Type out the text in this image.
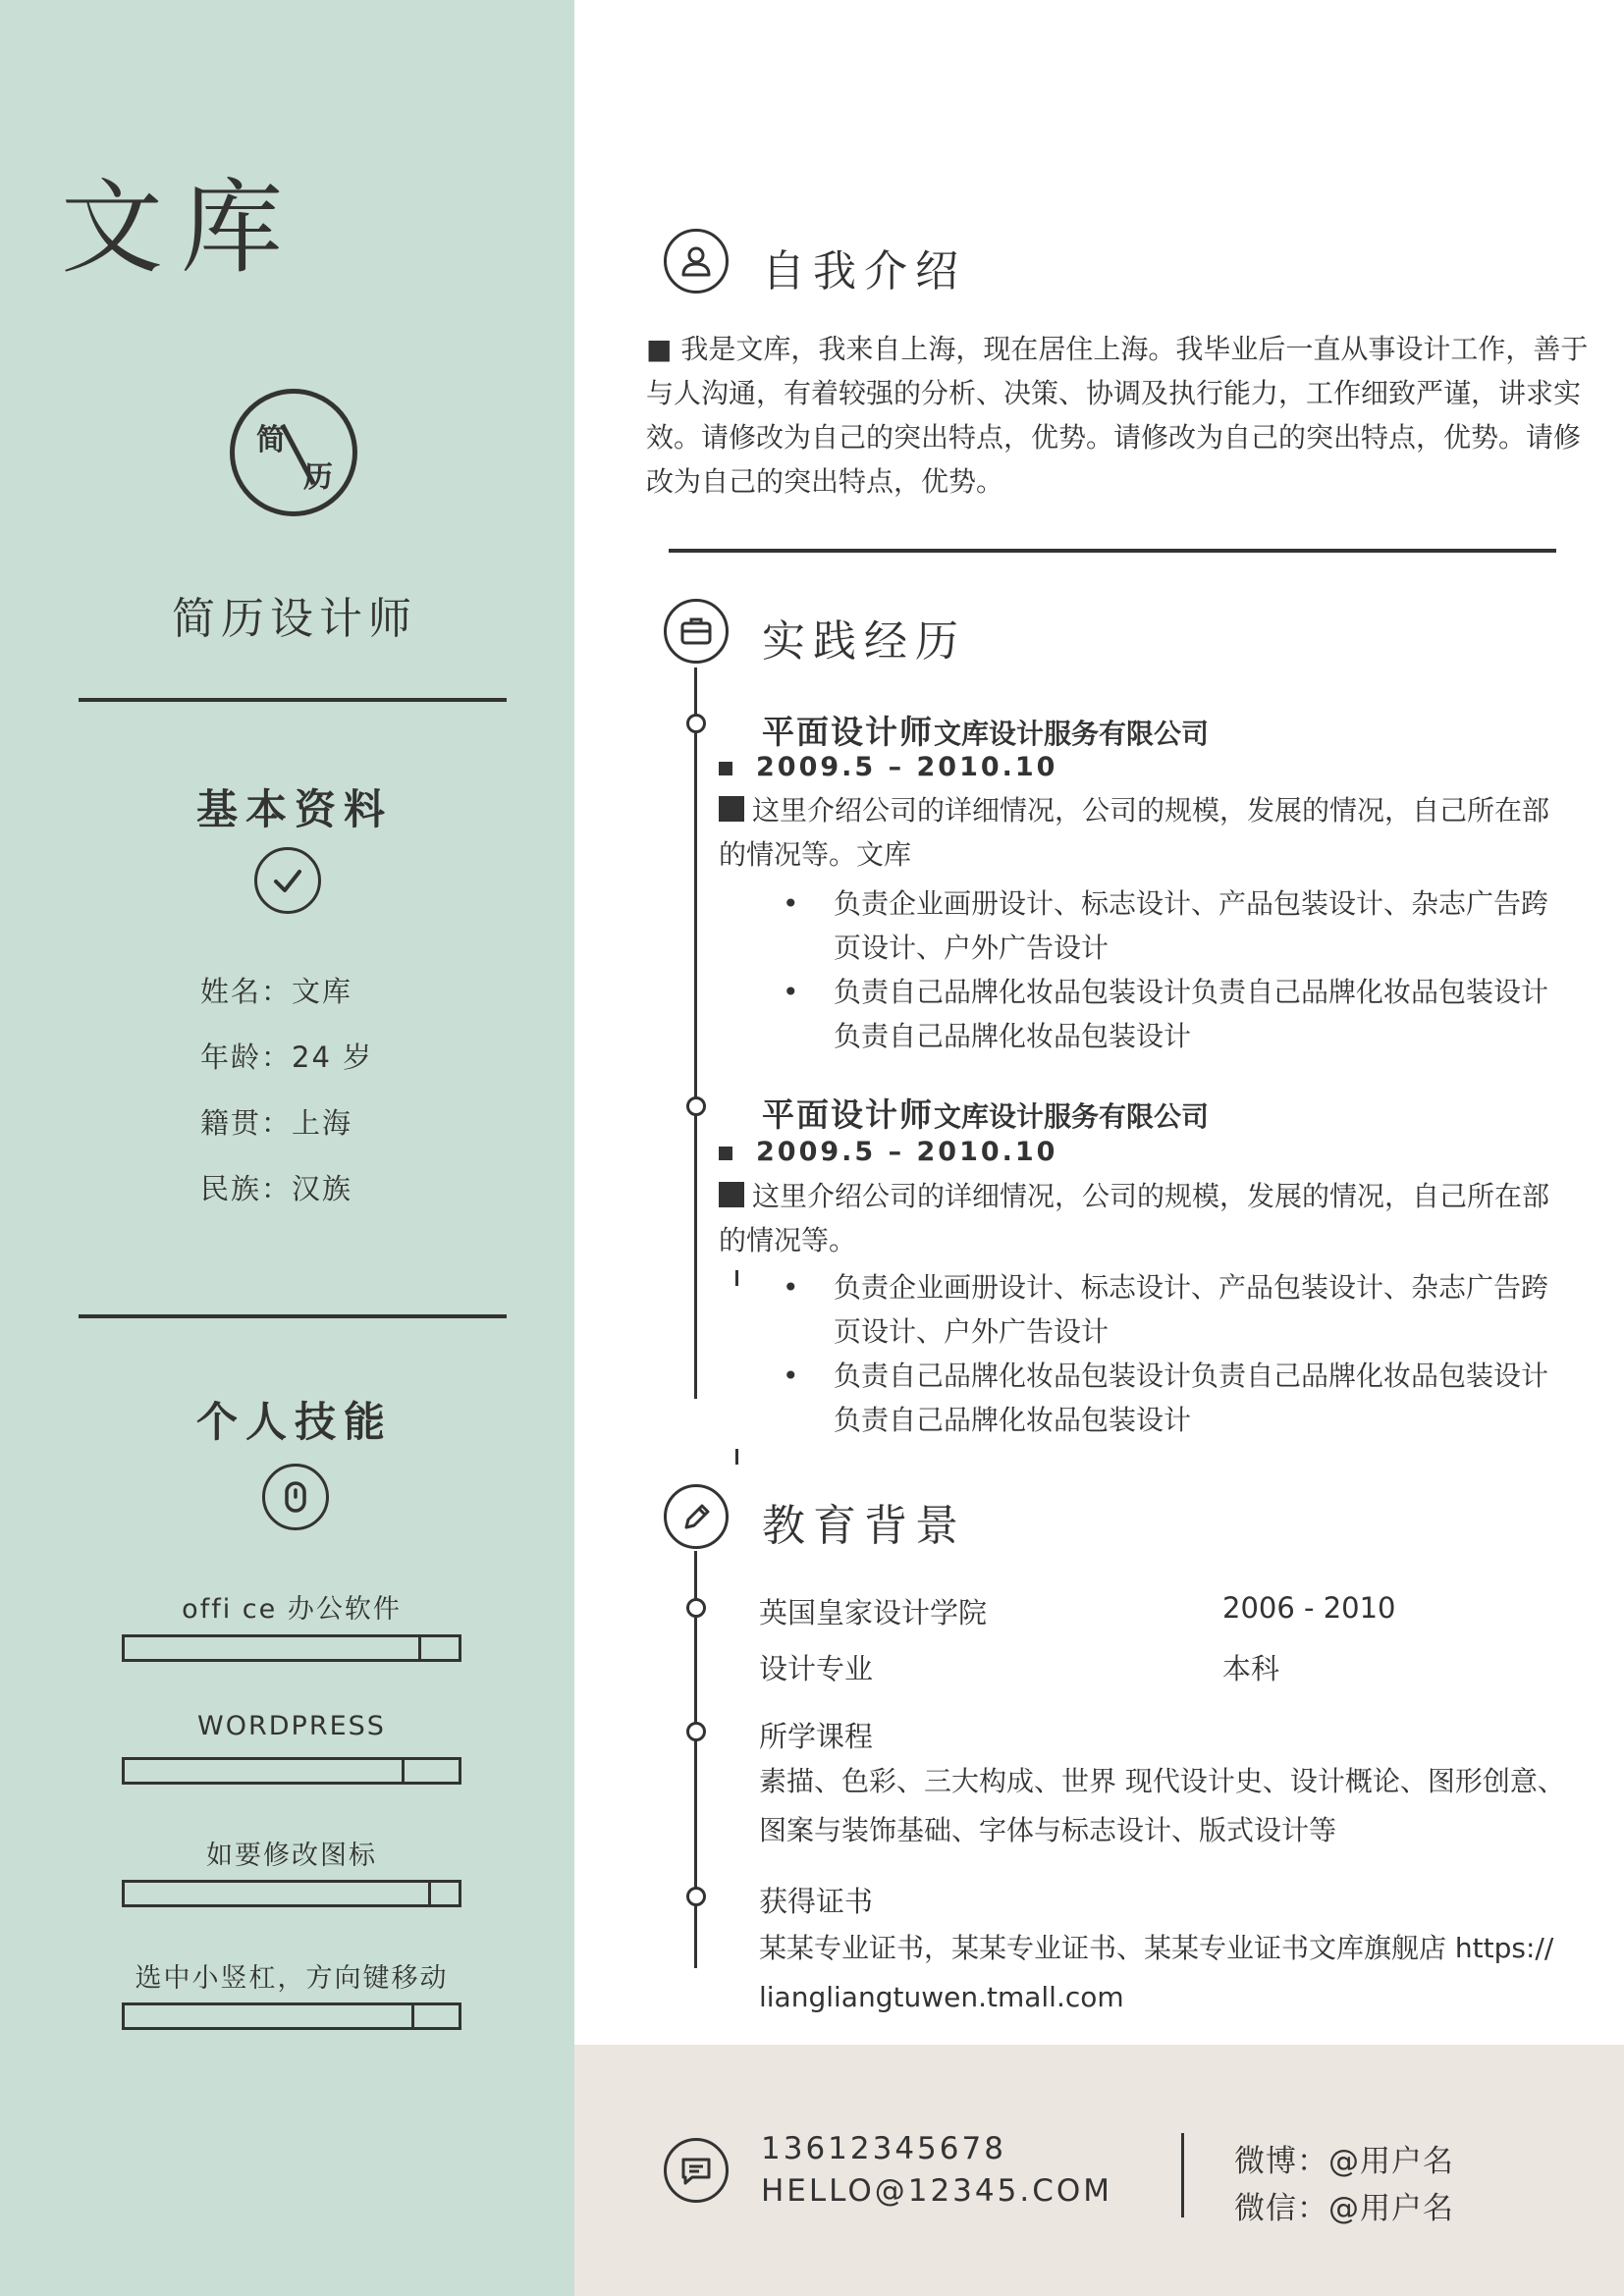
文库
简
历
简历设计师
基本资料
姓名：文库
年龄：24 岁
籍贯：上海
民族：汉族
个人技能
offi ce 办公软件
WORDPRESS
如要修改图标
选中小竖杠，方向键移动
自我介绍
■ 我是文库，我来自上海，现在居住上海。我毕业后一直从事设计工作，善于
与人沟通，有着较强的分析、决策、协调及执行能力，工作细致严谨，讲求实
效。请修改为自己的突出特点，优势。请修改为自己的突出特点，优势。请修
改为自己的突出特点，优势。
实践经历
平面设计师文库设计服务有限公司
2009.5 – 2010.10
这里介绍公司的详细情况，公司的规模，发展的情况，自己所在部
的情况等。文库
• 负责企业画册设计、标志设计、产品包装设计、杂志广告跨
页设计、户外广告设计
• 负责自己品牌化妆品包装设计负责自己品牌化妆品包装设计
负责自己品牌化妆品包装设计
平面设计师文库设计服务有限公司
2009.5 – 2010.10
这里介绍公司的详细情况，公司的规模，发展的情况，自己所在部
的情况等。
• 负责企业画册设计、标志设计、产品包装设计、杂志广告跨
页设计、户外广告设计
• 负责自己品牌化妆品包装设计负责自己品牌化妆品包装设计
负责自己品牌化妆品包装设计
教育背景
英国皇家设计学院	2006 - 2010
设计专业	本科
所学课程
素描、色彩、三大构成、世界 现代设计史、设计概论、图形创意、
图案与装饰基础、字体与标志设计、版式设计等
获得证书
某某专业证书，某某专业证书、某某专业证书文库旗舰店 https://
liangliangtuwen.tmall.com
13612345678
HELLO@12345.COM
微博：@用户名
微信：@用户名
